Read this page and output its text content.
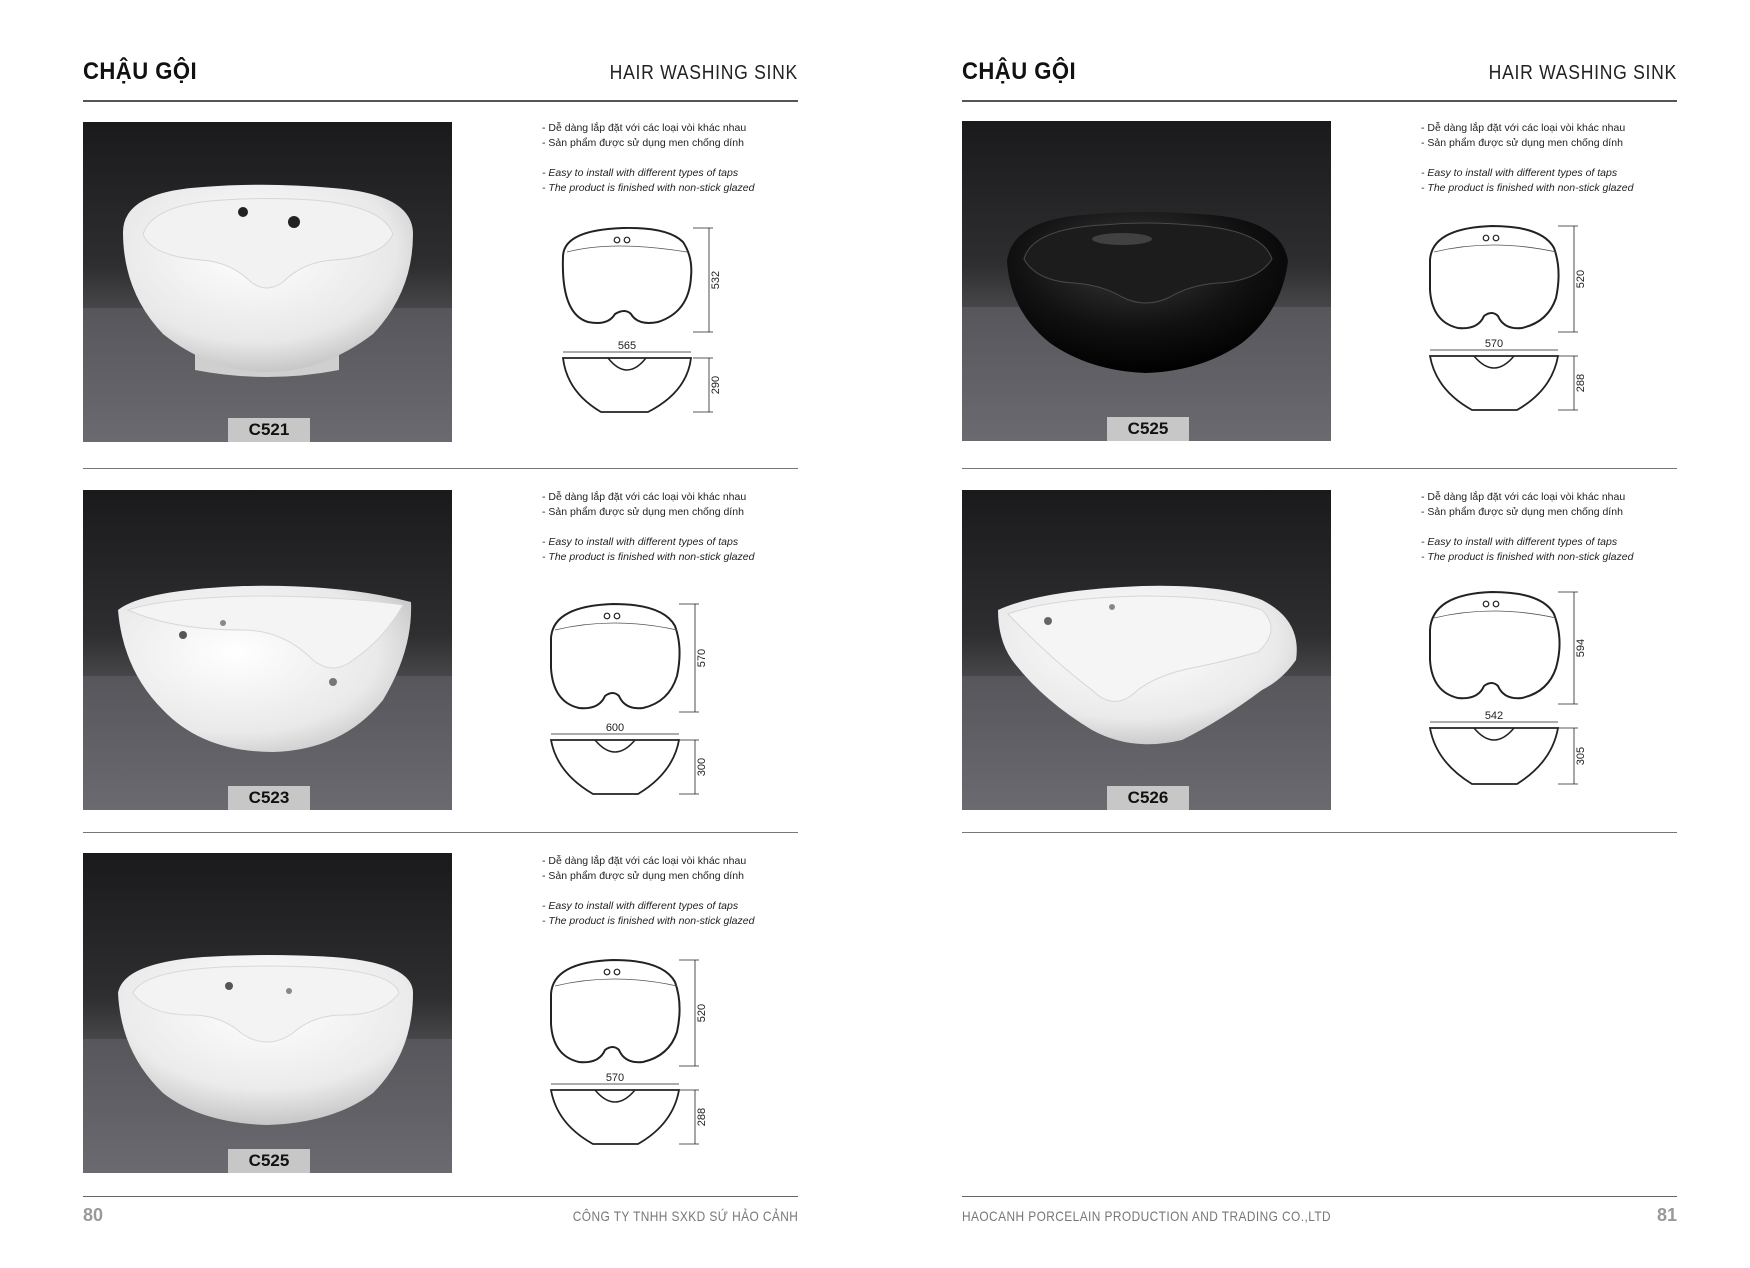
CHẬU GỘI	HAIR WASHING SINK
C521
- Dễ dàng lắp đặt với các loại vòi khác nhau
- Sản phẩm được sử dụng men chống dính
- Easy to install with different types of taps
- The product is finished with non-stick glazed
532
565
290
C523
- Dễ dàng lắp đặt với các loại vòi khác nhau
- Sản phẩm được sử dụng men chống dính
- Easy to install with different types of taps
- The product is finished with non-stick glazed
570
600
300
C525
- Dễ dàng lắp đặt với các loại vòi khác nhau
- Sản phẩm được sử dụng men chống dính
- Easy to install with different types of taps
- The product is finished with non-stick glazed
520
570
288
80	CÔNG TY TNHH SXKD SỨ HẢO CẢNH
CHẬU GỘI	HAIR WASHING SINK
C525
- Dễ dàng lắp đặt với các loại vòi khác nhau
- Sản phẩm được sử dụng men chống dính
- Easy to install with different types of taps
- The product is finished with non-stick glazed
520
570
288
C526
- Dễ dàng lắp đặt với các loại vòi khác nhau
- Sản phẩm được sử dụng men chống dính
- Easy to install with different types of taps
- The product is finished with non-stick glazed
594
542
305
HAOCANH PORCELAIN PRODUCTION AND TRADING CO.,LTD	81
